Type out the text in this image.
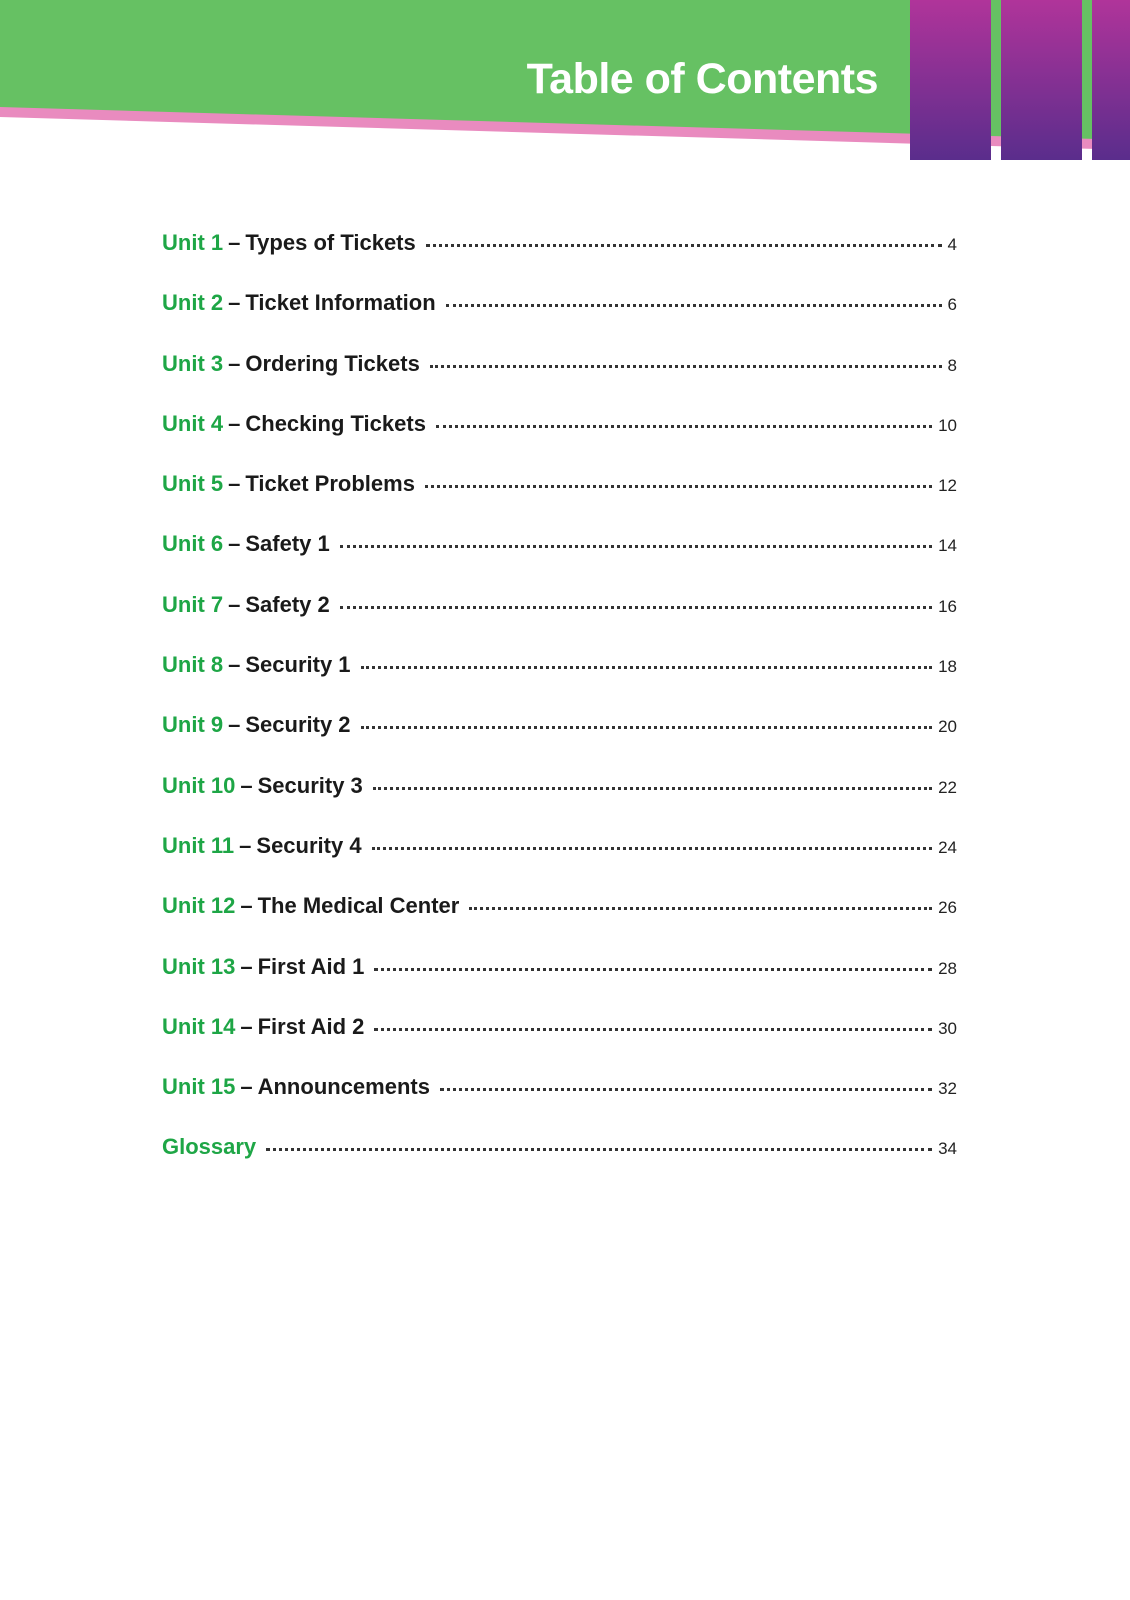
Table of Contents
Unit 1 – Types of Tickets	4
Unit 2 – Ticket Information	6
Unit 3 – Ordering Tickets	8
Unit 4 – Checking Tickets	10
Unit 5 – Ticket Problems	12
Unit 6 – Safety 1	14
Unit 7 – Safety 2	16
Unit 8 – Security 1	18
Unit 9 – Security 2	20
Unit 10 – Security 3	22
Unit 11 – Security 4	24
Unit 12 – The Medical Center	26
Unit 13 – First Aid 1	28
Unit 14 – First Aid 2	30
Unit 15 – Announcements	32
Glossary	34
